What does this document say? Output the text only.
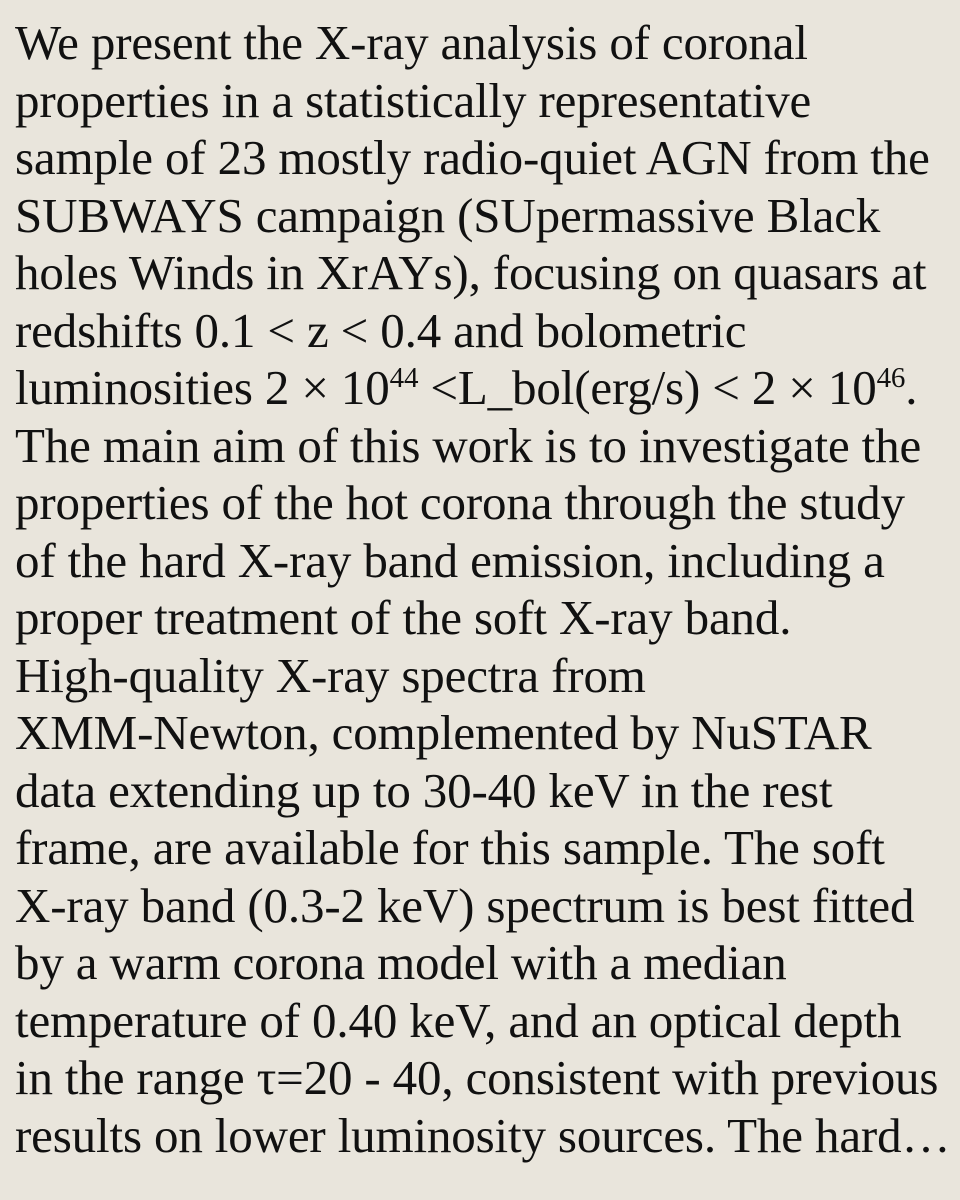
We present the X-ray analysis of coronal
properties in a statistically representative
sample of 23 mostly radio-quiet AGN from the
SUBWAYS campaign (SUpermassive Black
holes Winds in XrAYs), focusing on quasars at
redshifts 0.1 < z < 0.4 and bolometric
luminosities $2 \times 10^{44}$ <L_bol(erg/s) < $2 \times 10^{46}$.
The main aim of this work is to investigate the
properties of the hot corona through the study
of the hard X-ray band emission, including a
proper treatment of the soft X-ray band.
High-quality X-ray spectra from
XMM-Newton, complemented by NuSTAR
data extending up to 30-40 keV in the rest
frame, are available for this sample. The soft
X-ray band (0.3-2 keV) spectrum is best fitted
by a warm corona model with a median
temperature of 0.40 keV, and an optical depth
in the range τ=20 - 40, consistent with previous
results on lower luminosity sources. The hard…
